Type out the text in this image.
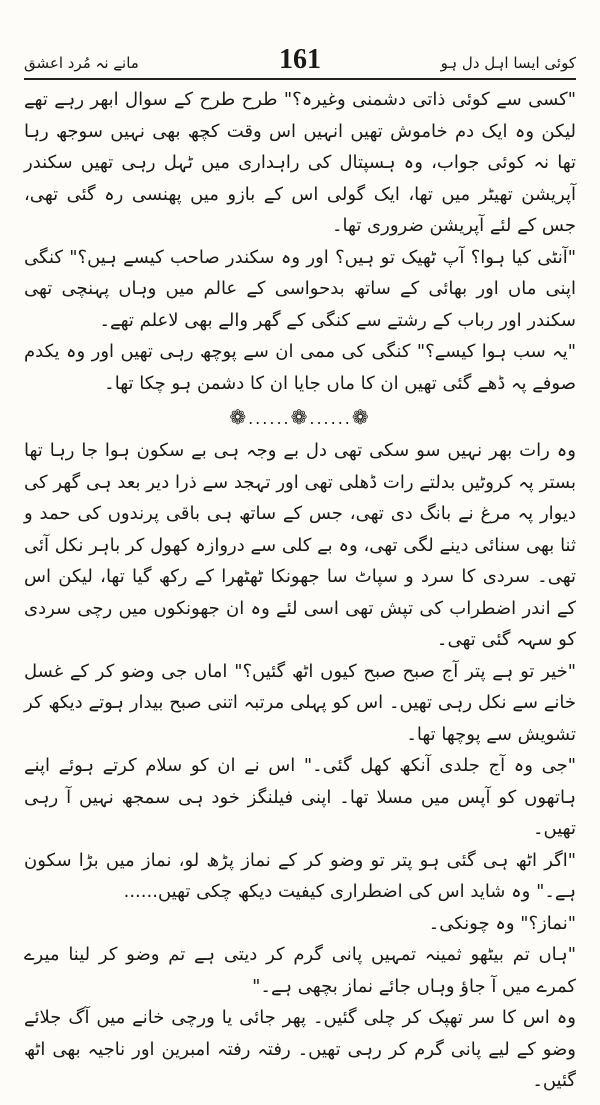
مانے نہ مُرد اعشق	161	کوئی ایسا اہل دل ہو

"کسی سے کوئی ذاتی دشمنی وغیرہ؟" طرح طرح کے سوال ابھر رہے تھے لیکن وہ ایک دم خاموش تھیں انہیں اس وقت کچھ بھی نہیں سوجھ رہا تھا نہ کوئی جواب، وہ ہسپتال کی راہداری میں ٹہل رہی تھیں سکندر آپریشن تھیٹر میں تھا، ایک گولی اس کے بازو میں پھنسی رہ گئی تھی، جس کے لئے آپریشن ضروری تھا۔

"آنٹی کیا ہوا؟ آپ ٹھیک تو ہیں؟ اور وہ سکندر صاحب کیسے ہیں؟" کنگی اپنی ماں اور بھائی کے ساتھ بدحواسی کے عالم میں وہاں پہنچی تھی سکندر اور رباب کے رشتے سے کنگی کے گھر والے بھی لاعلم تھے۔

"یہ سب ہوا کیسے؟" کنگی کی ممی ان سے پوچھ رہی تھیں اور وہ یکدم صوفے پہ ڈھے گئی تھیں ان کا ماں جایا ان کا دشمن ہو چکا تھا۔

❁......❁......❁

وہ رات بھر نہیں سو سکی تھی دل بے وجہ ہی بے سکون ہوا جا رہا تھا بستر پہ کروٹیں بدلتے رات ڈھلی تھی اور تہجد سے ذرا دیر بعد ہی گھر کی دیوار پہ مرغ نے بانگ دی تھی، جس کے ساتھ ہی باقی پرندوں کی حمد و ثنا بھی سنائی دینے لگی تھی، وہ بے کلی سے دروازہ کھول کر باہر نکل آئی تھی۔ سردی کا سرد و سپاٹ سا جھونکا ٹھٹھرا کے رکھ گیا تھا، لیکن اس کے اندر اضطراب کی تپش تھی اسی لئے وہ ان جھونکوں میں رچی سردی کو سہہ گئی تھی۔

"خیر تو ہے پتر آج صبح صبح کیوں اٹھ گئیں؟" اماں جی وضو کر کے غسل خانے سے نکل رہی تھیں۔ اس کو پہلی مرتبہ اتنی صبح بیدار ہوتے دیکھ کر تشویش سے پوچھا تھا۔

"جی وہ آج جلدی آنکھ کھل گئی۔" اس نے ان کو سلام کرتے ہوئے اپنے ہاتھوں کو آپس میں مسلا تھا۔ اپنی فیلنگز خود ہی سمجھ نہیں آ رہی تھیں۔

"اگر اٹھ ہی گئی ہو پتر تو وضو کر کے نماز پڑھ لو، نماز میں بڑا سکون ہے۔" وہ شاید اس کی اضطراری کیفیت دیکھ چکی تھیں......

"نماز؟" وہ چونکی۔

"ہاں تم بیٹھو ثمینہ تمہیں پانی گرم کر دیتی ہے تم وضو کر لینا میرے کمرے میں آ جاؤ وہاں جائے نماز بچھی ہے۔"

وہ اس کا سر تھپک کر چلی گئیں۔ پھر جائی یا ورچی خانے میں آگ جلائے وضو کے لیے پانی گرم کر رہی تھیں۔ رفتہ رفتہ امبرین اور ناجیہ بھی اٹھ گئیں۔
